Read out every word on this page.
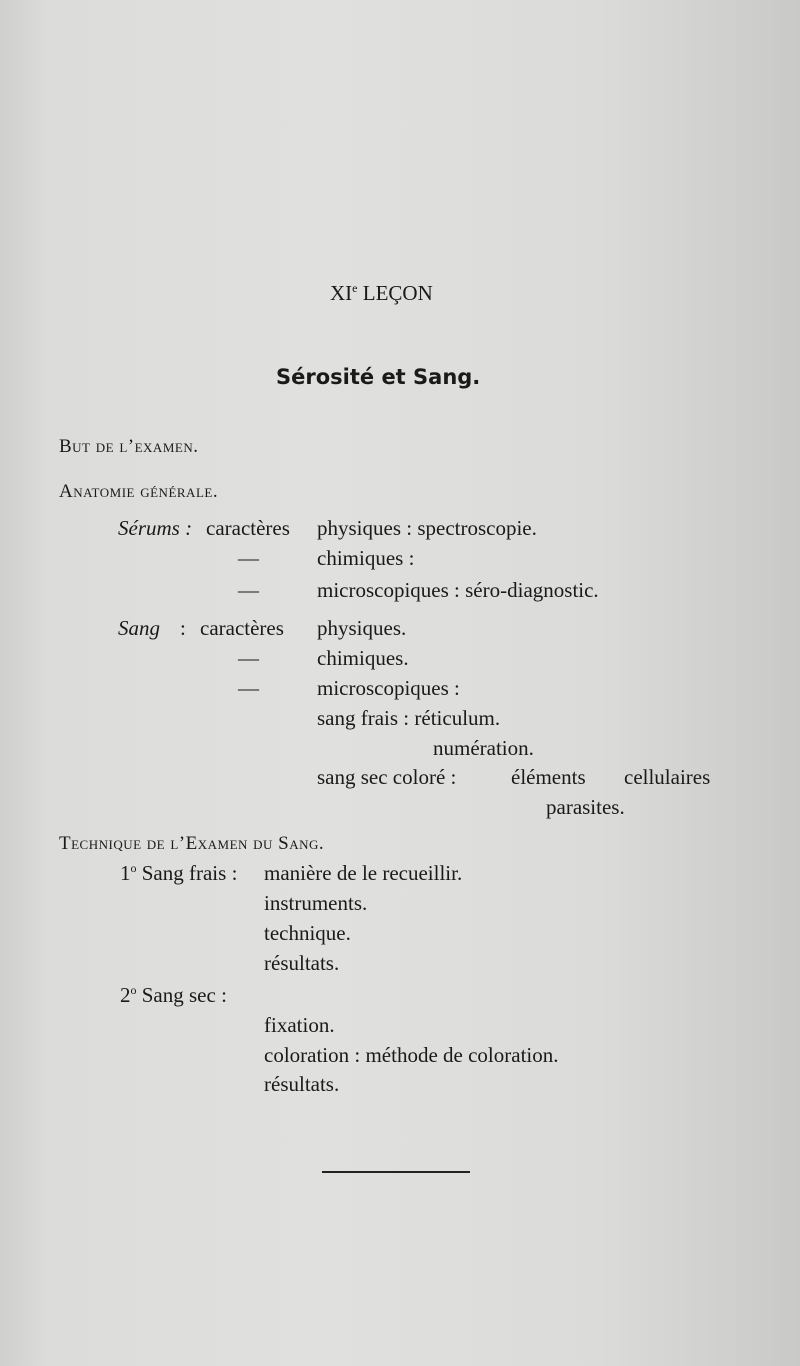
XIe LEÇON
Sérosité et Sang.
But de l’examen.
Anatomie générale.
Sérums : caractères physiques : spectroscopie.
—	chimiques :
—	microscopiques : séro-diagnostic.
Sang : caractères physiques.
—	chimiques.
—	microscopiques :
sang frais : réticulum.
numération.
sang sec coloré :	éléments cellulaires
parasites.
Technique de l’Examen du Sang.
1$^o$ Sang frais : manière de le recueillir.
instruments.
technique.
résultats.
2$^o$ Sang sec :
fixation.
coloration : méthode de coloration.
résultats.
